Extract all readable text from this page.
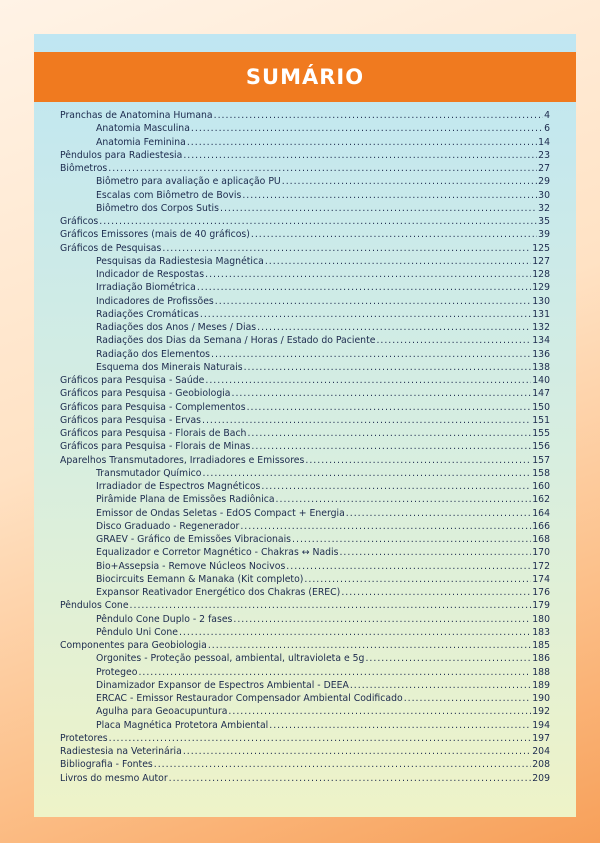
SUMÁRIO
Pranchas de Anatomina Humana .....	4
Anatomia Masculina .....	6
Anatomia Feminina .....	14
Pêndulos para Radiestesia .....	23
Biômetros .....	27
Biômetro para avaliação e aplicação PU .....	29
Escalas com Biômetro de Bovis .....	30
Biômetro dos Corpos Sutis .....	32
Gráficos .....	35
Gráficos Emissores (mais de 40 gráficos) .....	39
Gráficos de Pesquisas .....	125
Pesquisas da Radiestesia Magnética .....	127
Indicador de Respostas .....	128
Irradiação Biométrica .....	129
Indicadores de Profissões .....	130
Radiações Cromáticas .....	131
Radiações dos Anos / Meses / Dias .....	132
Radiações dos Dias da Semana / Horas / Estado do Paciente .....	134
Radiação dos Elementos .....	136
Esquema dos Minerais Naturais .....	138
Gráficos para Pesquisa - Saúde .....	140
Gráficos para Pesquisa - Geobiologia .....	147
Gráficos para Pesquisa - Complementos .....	150
Gráficos para Pesquisa - Ervas .....	151
Gráficos para Pesquisa - Florais de Bach .....	155
Gráficos para Pesquisa - Florais de Minas .....	156
Aparelhos Transmutadores, Irradiadores e Emissores .....	157
Transmutador Químico .....	158
Irradiador de Espectros Magnéticos .....	160
Pirâmide Plana de Emissões Radiônica .....	162
Emissor de Ondas Seletas - EdOS Compact + Energia .....	164
Disco Graduado - Regenerador .....	166
GRAEV - Gráfico de Emissões Vibracionais .....	168
Equalizador e Corretor Magnético - Chakras ↔ Nadis .....	170
Bio+Assepsia - Remove Núcleos Nocivos .....	172
Biocircuits Eemann & Manaka (Kit completo) .....	174
Expansor Reativador Energético dos Chakras (EREC) .....	176
Pêndulos Cone .....	179
Pêndulo Cone Duplo - 2 fases .....	180
Pêndulo Uni Cone .....	183
Componentes para Geobiologia .....	185
Orgonites - Proteção pessoal, ambiental, ultravioleta e 5g .....	186
Protegeo .....	188
Dinamizador Expansor de Espectros Ambiental - DEEA .....	189
ERCAC - Emissor Restaurador Compensador Ambiental Codificado .....	190
Agulha para Geoacupuntura .....	192
Placa Magnética Protetora Ambiental .....	194
Protetores .....	197
Radiestesia na Veterinária .....	204
Bibliografia - Fontes .....	208
Livros do mesmo Autor .....	209
